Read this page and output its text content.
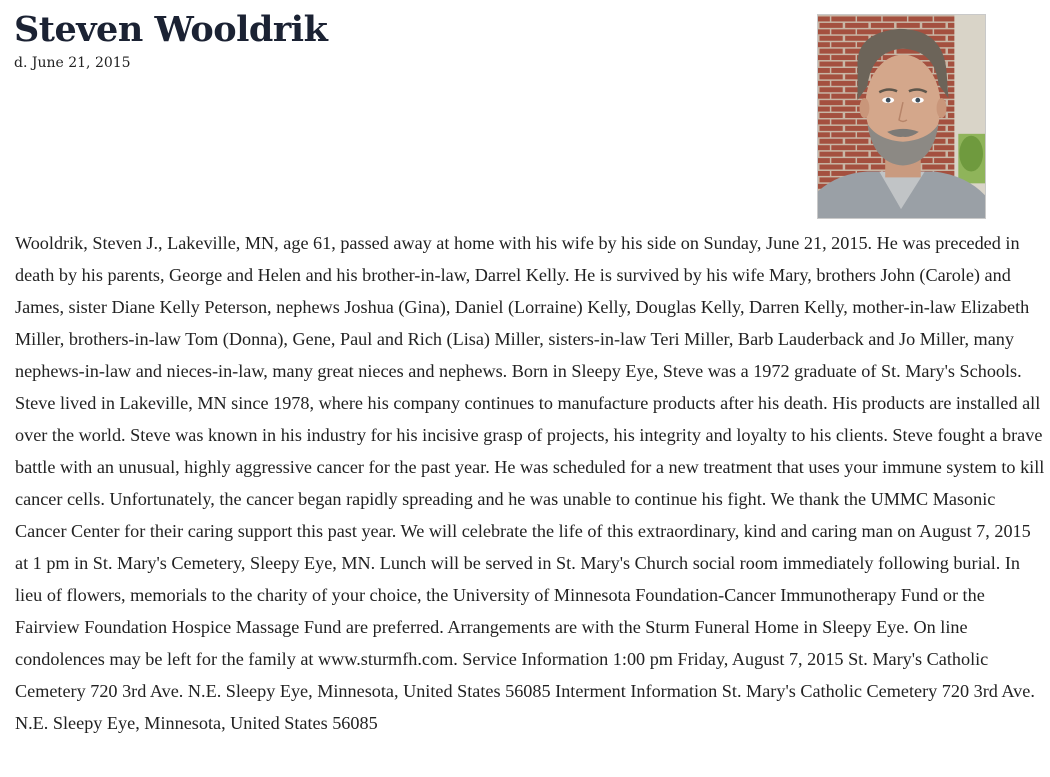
Steven Wooldrik
d. June 21, 2015

Wooldrik, Steven J., Lakeville, MN, age 61, passed away at home with his wife by his side on Sunday, June 21, 2015. He was preceded in death by his parents, George and Helen and his brother-in-law, Darrel Kelly. He is survived by his wife Mary, brothers John (Carole) and James, sister Diane Kelly Peterson, nephews Joshua (Gina), Daniel (Lorraine) Kelly, Douglas Kelly, Darren Kelly, mother-in-law Elizabeth Miller, brothers-in-law Tom (Donna), Gene, Paul and Rich (Lisa) Miller, sisters-in-law Teri Miller, Barb Lauderback and Jo Miller, many nephews-in-law and nieces-in-law, many great nieces and nephews. Born in Sleepy Eye, Steve was a 1972 graduate of St. Mary's Schools. Steve lived in Lakeville, MN since 1978, where his company continues to manufacture products after his death. His products are installed all over the world. Steve was known in his industry for his incisive grasp of projects, his integrity and loyalty to his clients. Steve fought a brave battle with an unusual, highly aggressive cancer for the past year. He was scheduled for a new treatment that uses your immune system to kill cancer cells. Unfortunately, the cancer began rapidly spreading and he was unable to continue his fight. We thank the UMMC Masonic Cancer Center for their caring support this past year. We will celebrate the life of this extraordinary, kind and caring man on August 7, 2015 at 1 pm in St. Mary's Cemetery, Sleepy Eye, MN. Lunch will be served in St. Mary's Church social room immediately following burial. In lieu of flowers, memorials to the charity of your choice, the University of Minnesota Foundation-Cancer Immunotherapy Fund or the Fairview Foundation Hospice Massage Fund are preferred. Arrangements are with the Sturm Funeral Home in Sleepy Eye. On line condolences may be left for the family at www.sturmfh.com. Service Information 1:00 pm Friday, August 7, 2015 St. Mary's Catholic Cemetery 720 3rd Ave. N.E. Sleepy Eye, Minnesota, United States 56085 Interment Information St. Mary's Catholic Cemetery 720 3rd Ave. N.E. Sleepy Eye, Minnesota, United States 56085
